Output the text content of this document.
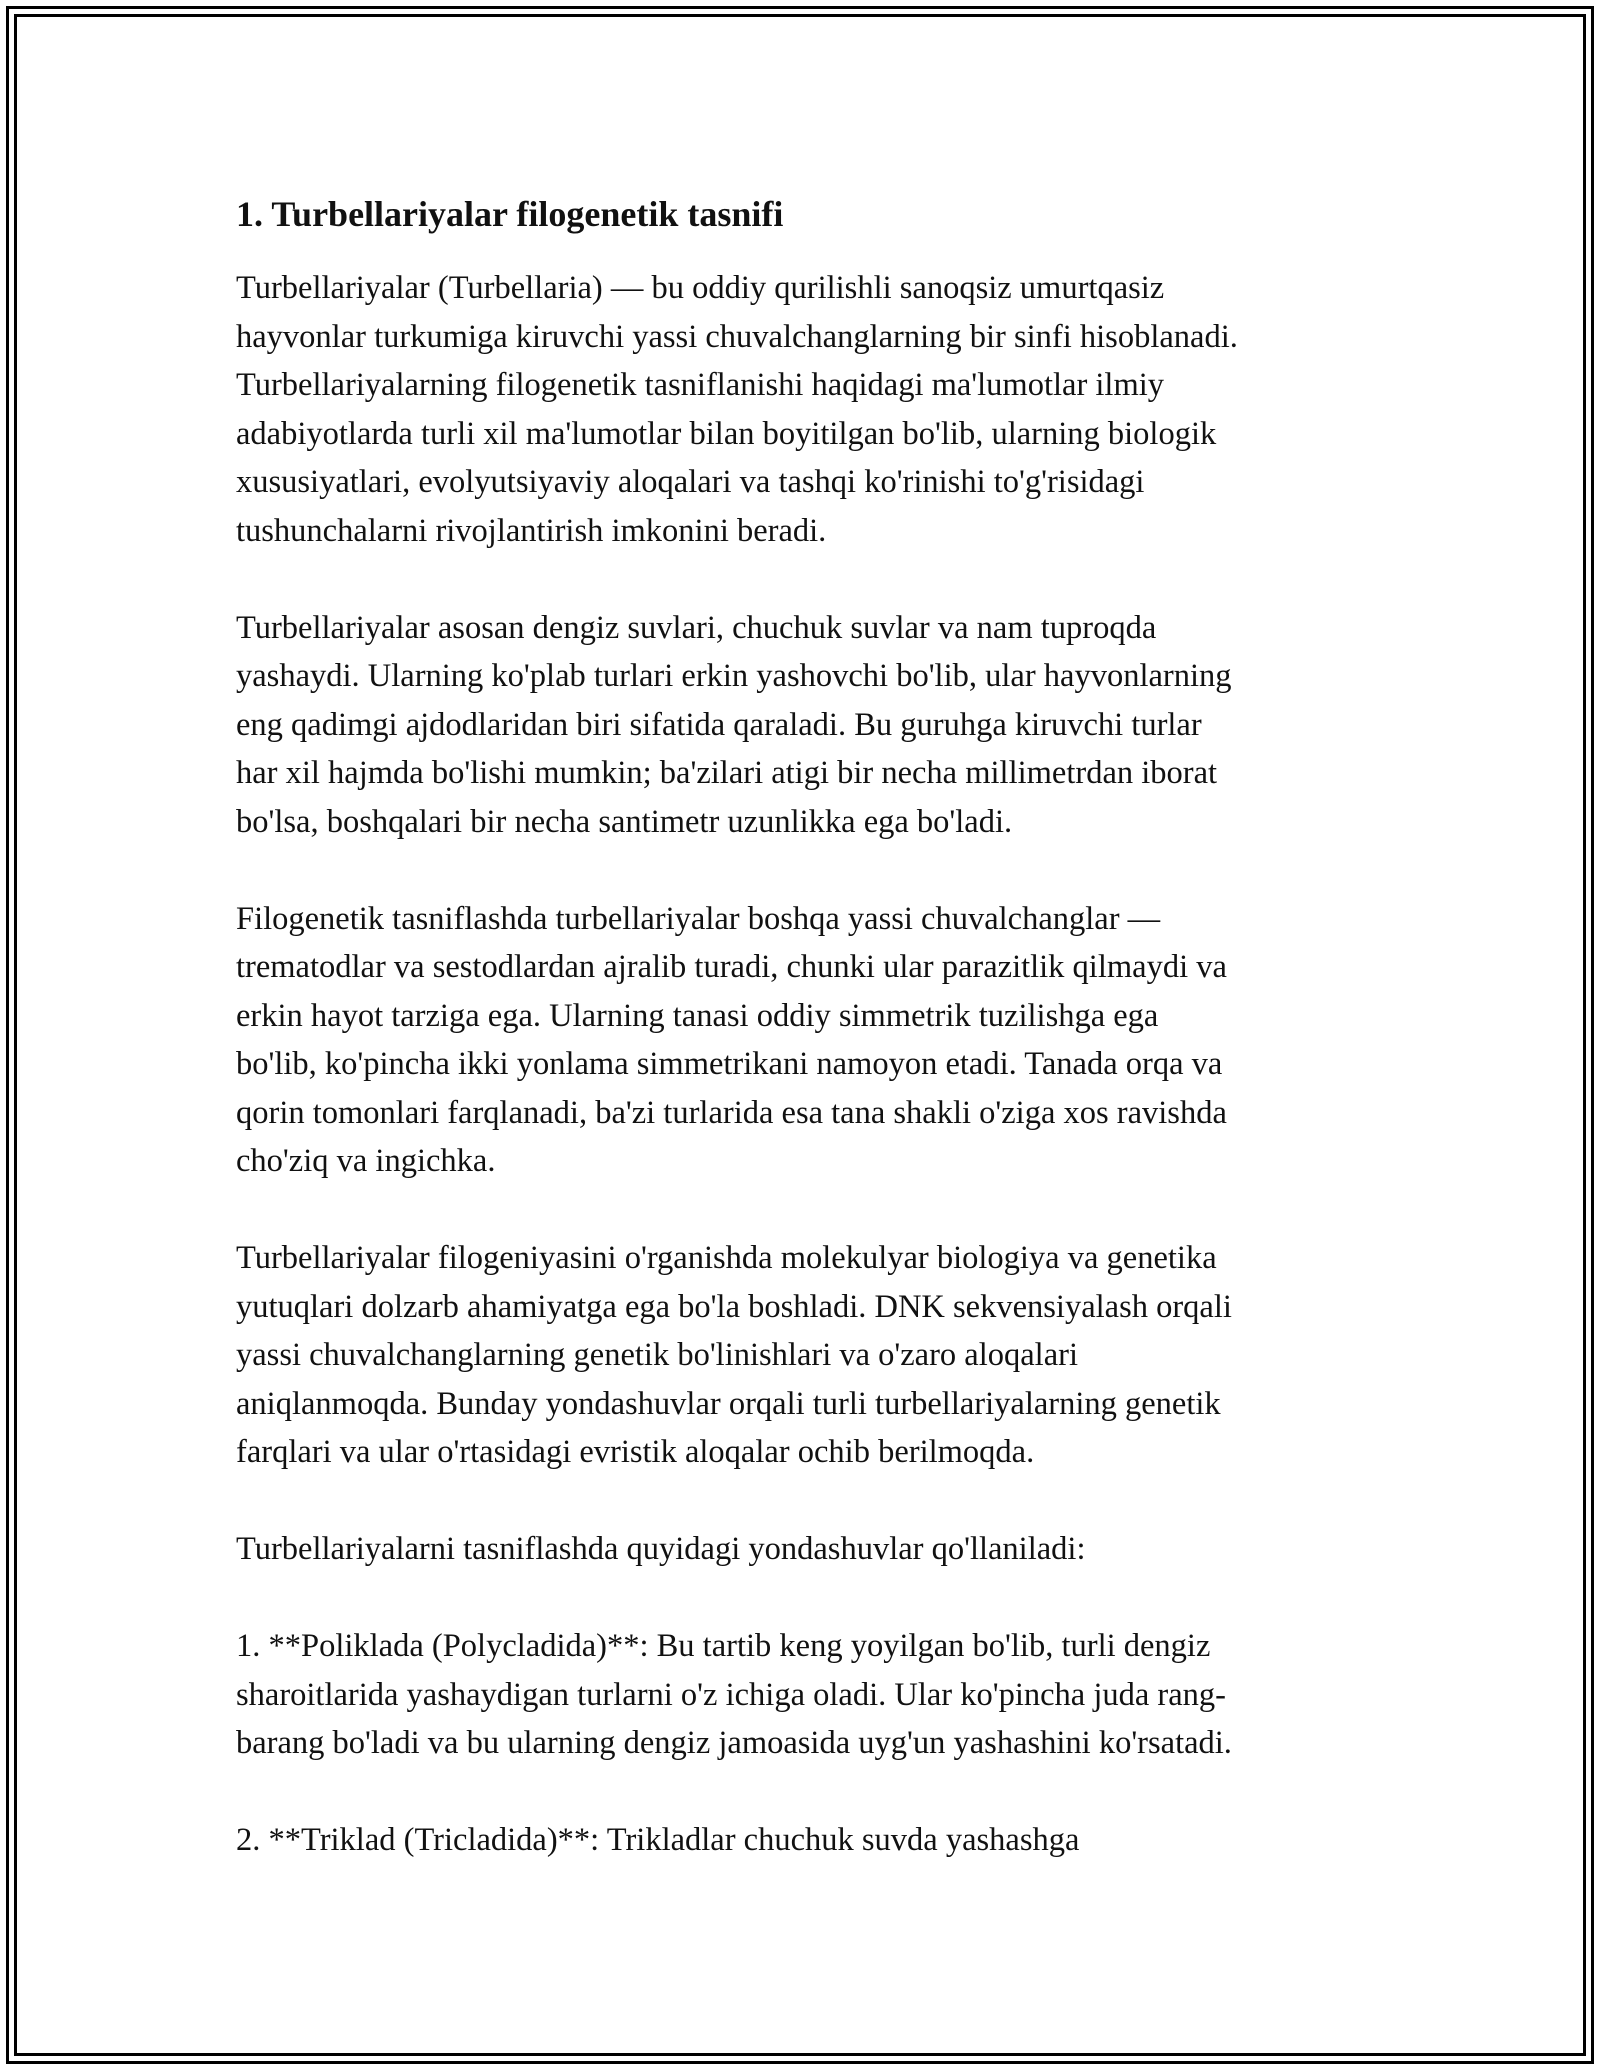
1. Turbellariyalar filogenetik tasnifi

Turbellariyalar (Turbellaria) — bu oddiy qurilishli sanoqsiz umurtqasiz
hayvonlar turkumiga kiruvchi yassi chuvalchanglarning bir sinfi hisoblanadi.
Turbellariyalarning filogenetik tasniflanishi haqidagi ma'lumotlar ilmiy
adabiyotlarda turli xil ma'lumotlar bilan boyitilgan bo'lib, ularning biologik
xususiyatlari, evolyutsiyaviy aloqalari va tashqi ko'rinishi to'g'risidagi
tushunchalarni rivojlantirish imkonini beradi.

Turbellariyalar asosan dengiz suvlari, chuchuk suvlar va nam tuproqda
yashaydi. Ularning ko'plab turlari erkin yashovchi bo'lib, ular hayvonlarning
eng qadimgi ajdodlaridan biri sifatida qaraladi. Bu guruhga kiruvchi turlar
har xil hajmda bo'lishi mumkin; ba'zilari atigi bir necha millimetrdan iborat
bo'lsa, boshqalari bir necha santimetr uzunlikka ega bo'ladi.

Filogenetik tasniflashda turbellariyalar boshqa yassi chuvalchanglar —
trematodlar va sestodlardan ajralib turadi, chunki ular parazitlik qilmaydi va
erkin hayot tarziga ega. Ularning tanasi oddiy simmetrik tuzilishga ega
bo'lib, ko'pincha ikki yonlama simmetrikani namoyon etadi. Tanada orqa va
qorin tomonlari farqlanadi, ba'zi turlarida esa tana shakli o'ziga xos ravishda
cho'ziq va ingichka.

Turbellariyalar filogeniyasini o'rganishda molekulyar biologiya va genetika
yutuqlari dolzarb ahamiyatga ega bo'la boshladi. DNK sekvensiyalash orqali
yassi chuvalchanglarning genetik bo'linishlari va o'zaro aloqalari
aniqlanmoqda. Bunday yondashuvlar orqali turli turbellariyalarning genetik
farqlari va ular o'rtasidagi evristik aloqalar ochib berilmoqda.

Turbellariyalarni tasniflashda quyidagi yondashuvlar qo'llaniladi:

1. **Poliklada (Polycladida)**: Bu tartib keng yoyilgan bo'lib, turli dengiz
sharoitlarida yashaydigan turlarni o'z ichiga oladi. Ular ko'pincha juda rang-
barang bo'ladi va bu ularning dengiz jamoasida uyg'un yashashini ko'rsatadi.

2. **Triklad (Tricladida)**: Trikladlar chuchuk suvda yashashga
